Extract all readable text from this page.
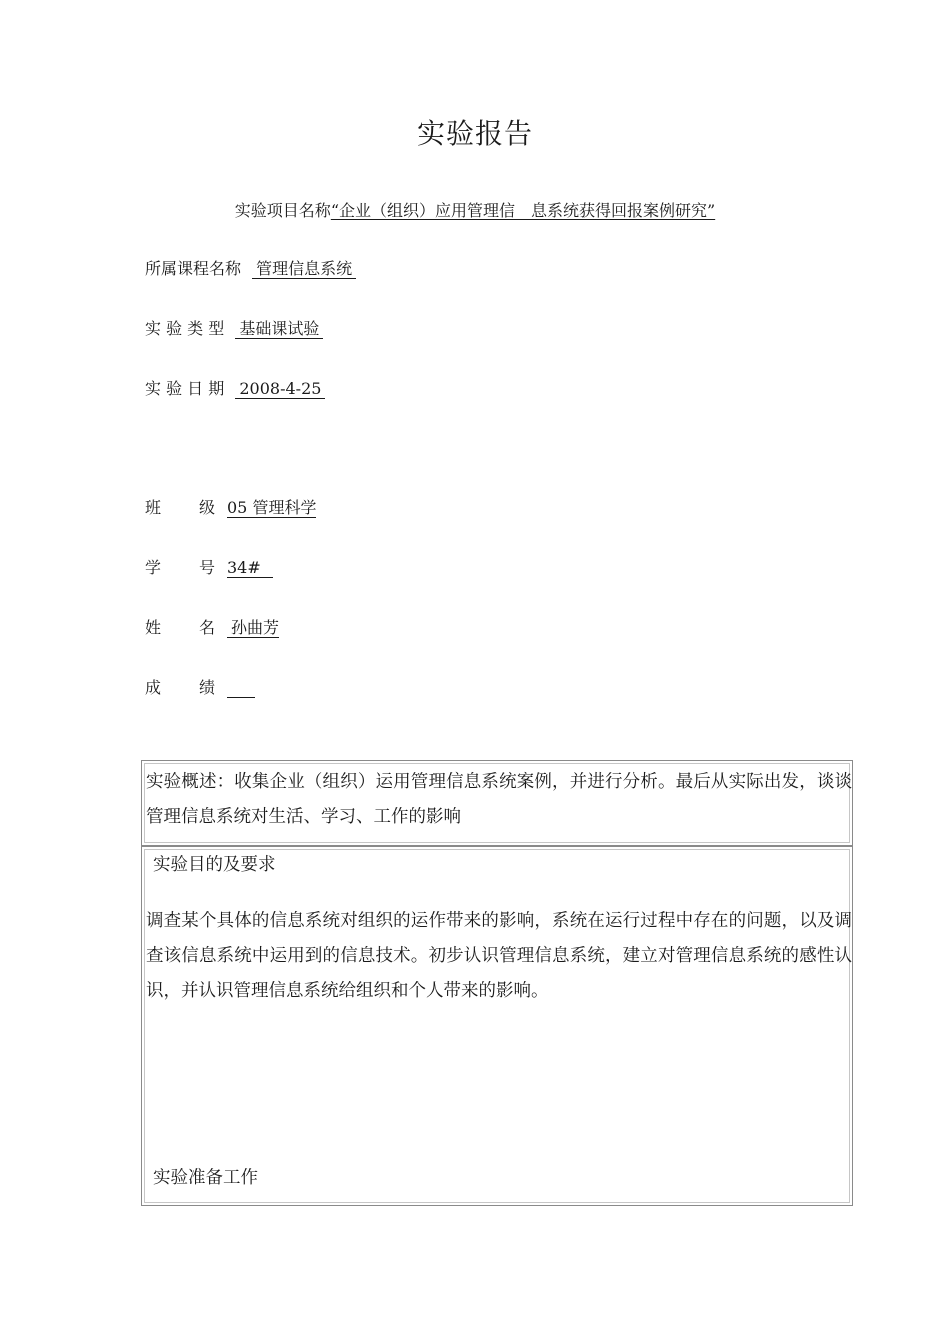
实验报告
实验项目名称“企业（组织）应用管理信　息系统获得回报案例研究”
所属课程名称 管理信息系统
实 验 类 型 基础课试验
实 验 日 期 2008-4-25
班 级 05 管理科学
学 号 34#
姓 名 孙曲芳
成 绩
实验概述：收集企业（组织）运用管理信息系统案例，并进行分析。最后从实际出发，谈谈管理信息系统对生活、学习、工作的影响
实验目的及要求
调查某个具体的信息系统对组织的运作带来的影响，系统在运行过程中存在的问题，以及调查该信息系统中运用到的信息技术。初步认识管理信息系统，建立对管理信息系统的感性认识，并认识管理信息系统给组织和个人带来的影响。
实验准备工作
